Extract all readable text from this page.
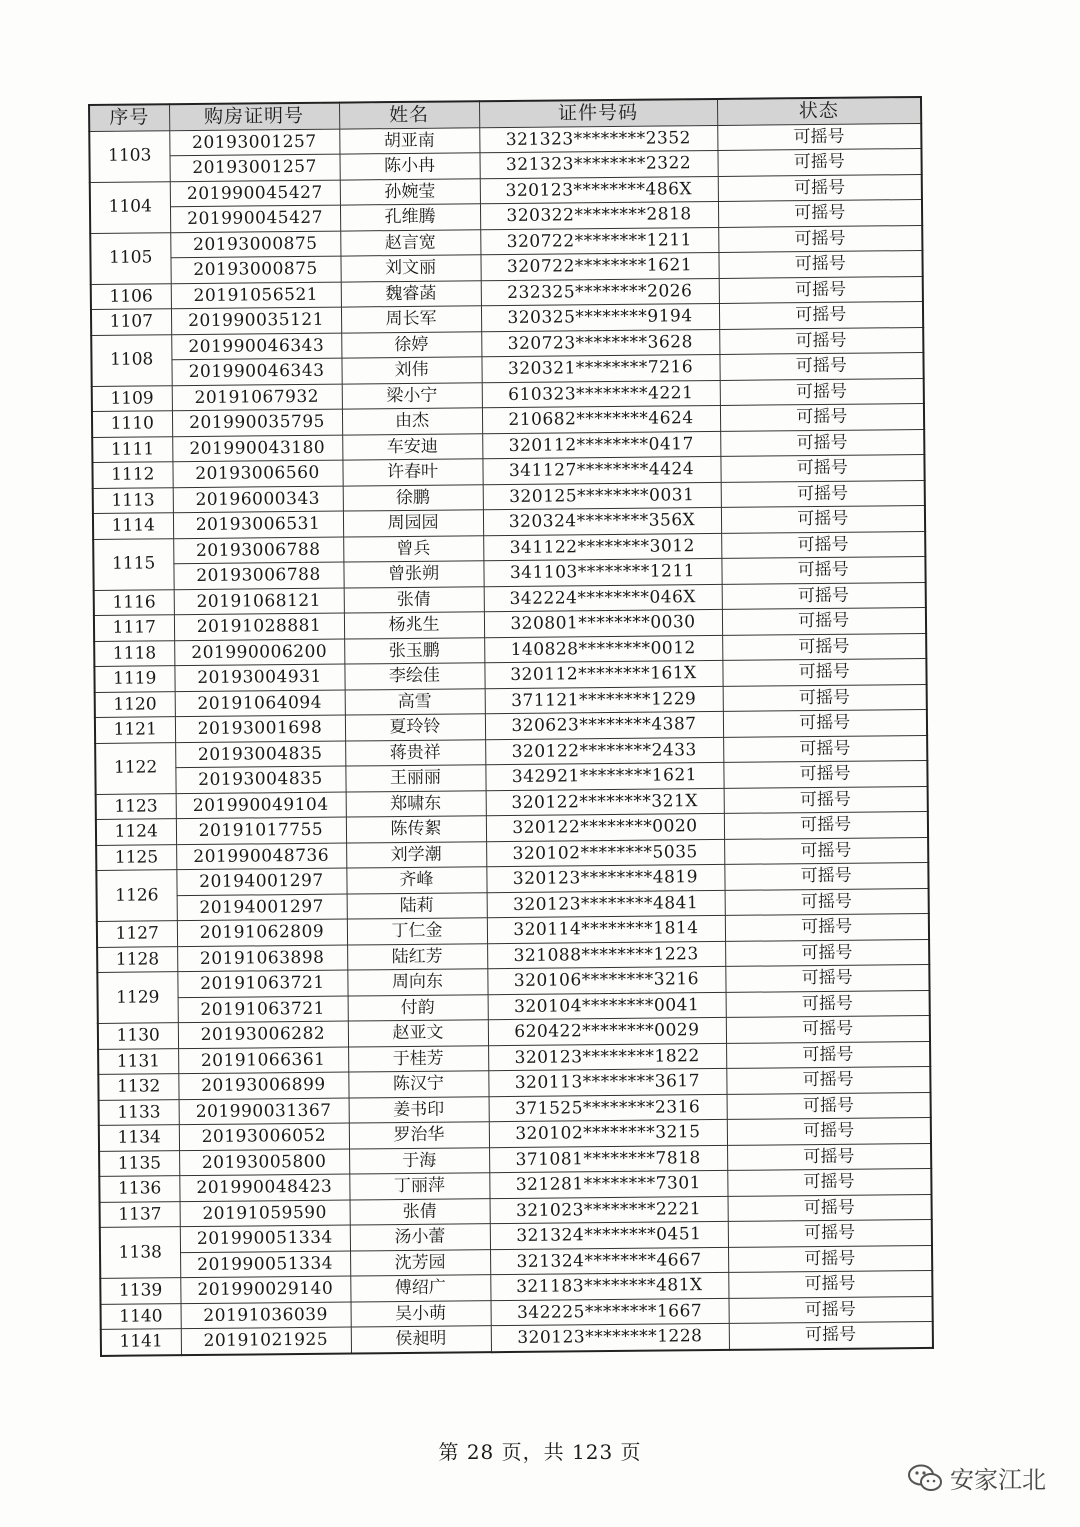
序号	购房证明号	姓名	证件号码	状态
1103	20193001257	胡亚南	321323********2352	可摇号
	20193001257	陈小冉	321323********2322	可摇号
1104	201990045427	孙婉莹	320123********486X	可摇号
	201990045427	孔维腾	320322********2818	可摇号
1105	20193000875	赵言宽	320722********1211	可摇号
	20193000875	刘文丽	320722********1621	可摇号
1106	20191056521	魏睿菡	232325********2026	可摇号
1107	201990035121	周长军	320325********9194	可摇号
1108	201990046343	徐婷	320723********3628	可摇号
	201990046343	刘伟	320321********7216	可摇号
1109	20191067932	梁小宁	610323********4221	可摇号
1110	201990035795	由杰	210682********4624	可摇号
1111	201990043180	车安迪	320112********0417	可摇号
1112	20193006560	许春叶	341127********4424	可摇号
1113	20196000343	徐鹏	320125********0031	可摇号
1114	20193006531	周园园	320324********356X	可摇号
1115	20193006788	曾兵	341122********3012	可摇号
	20193006788	曾张朔	341103********1211	可摇号
1116	20191068121	张倩	342224********046X	可摇号
1117	20191028881	杨兆生	320801********0030	可摇号
1118	201990006200	张玉鹏	140828********0012	可摇号
1119	20193004931	李绘佳	320112********161X	可摇号
1120	20191064094	高雪	371121********1229	可摇号
1121	20193001698	夏玲铃	320623********4387	可摇号
1122	20193004835	蒋贵祥	320122********2433	可摇号
	20193004835	王丽丽	342921********1621	可摇号
1123	201990049104	郑啸东	320122********321X	可摇号
1124	20191017755	陈传絮	320122********0020	可摇号
1125	201990048736	刘学潮	320102********5035	可摇号
1126	20194001297	齐峰	320123********4819	可摇号
	20194001297	陆莉	320123********4841	可摇号
1127	20191062809	丁仁金	320114********1814	可摇号
1128	20191063898	陆红芳	321088********1223	可摇号
1129	20191063721	周向东	320106********3216	可摇号
	20191063721	付韵	320104********0041	可摇号
1130	20193006282	赵亚文	620422********0029	可摇号
1131	20191066361	于桂芳	320123********1822	可摇号
1132	20193006899	陈汉宁	320113********3617	可摇号
1133	201990031367	姜书印	371525********2316	可摇号
1134	20193006052	罗治华	320102********3215	可摇号
1135	20193005800	于海	371081********7818	可摇号
1136	201990048423	丁丽萍	321281********7301	可摇号
1137	20191059590	张倩	321023********2221	可摇号
1138	201990051334	汤小蕾	321324********0451	可摇号
	201990051334	沈芳园	321324********4667	可摇号
1139	201990029140	傅绍广	321183********481X	可摇号
1140	20191036039	吴小萌	342225********1667	可摇号
1141	20191021925	侯昶明	320123********1228	可摇号
第 28 页，共 123 页
安家江北
